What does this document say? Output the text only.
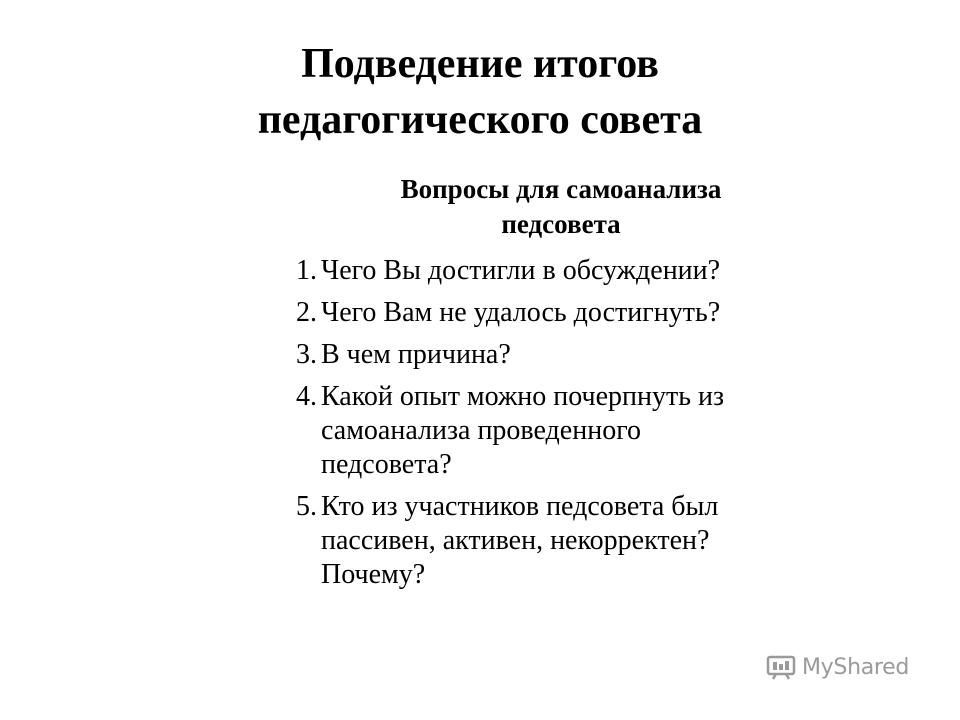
Подведение итогов
педагогического совета

Вопросы для самоанализа
педсовета

1. Чего Вы достигли в обсуждении?
2. Чего Вам не удалось достигнуть?
3. В чем причина?
4. Какой опыт можно почерпнуть из
самоанализа проведенного
педсовета?
5. Кто из участников педсовета был
пассивен, активен, некорректен?
Почему?
MyShared
